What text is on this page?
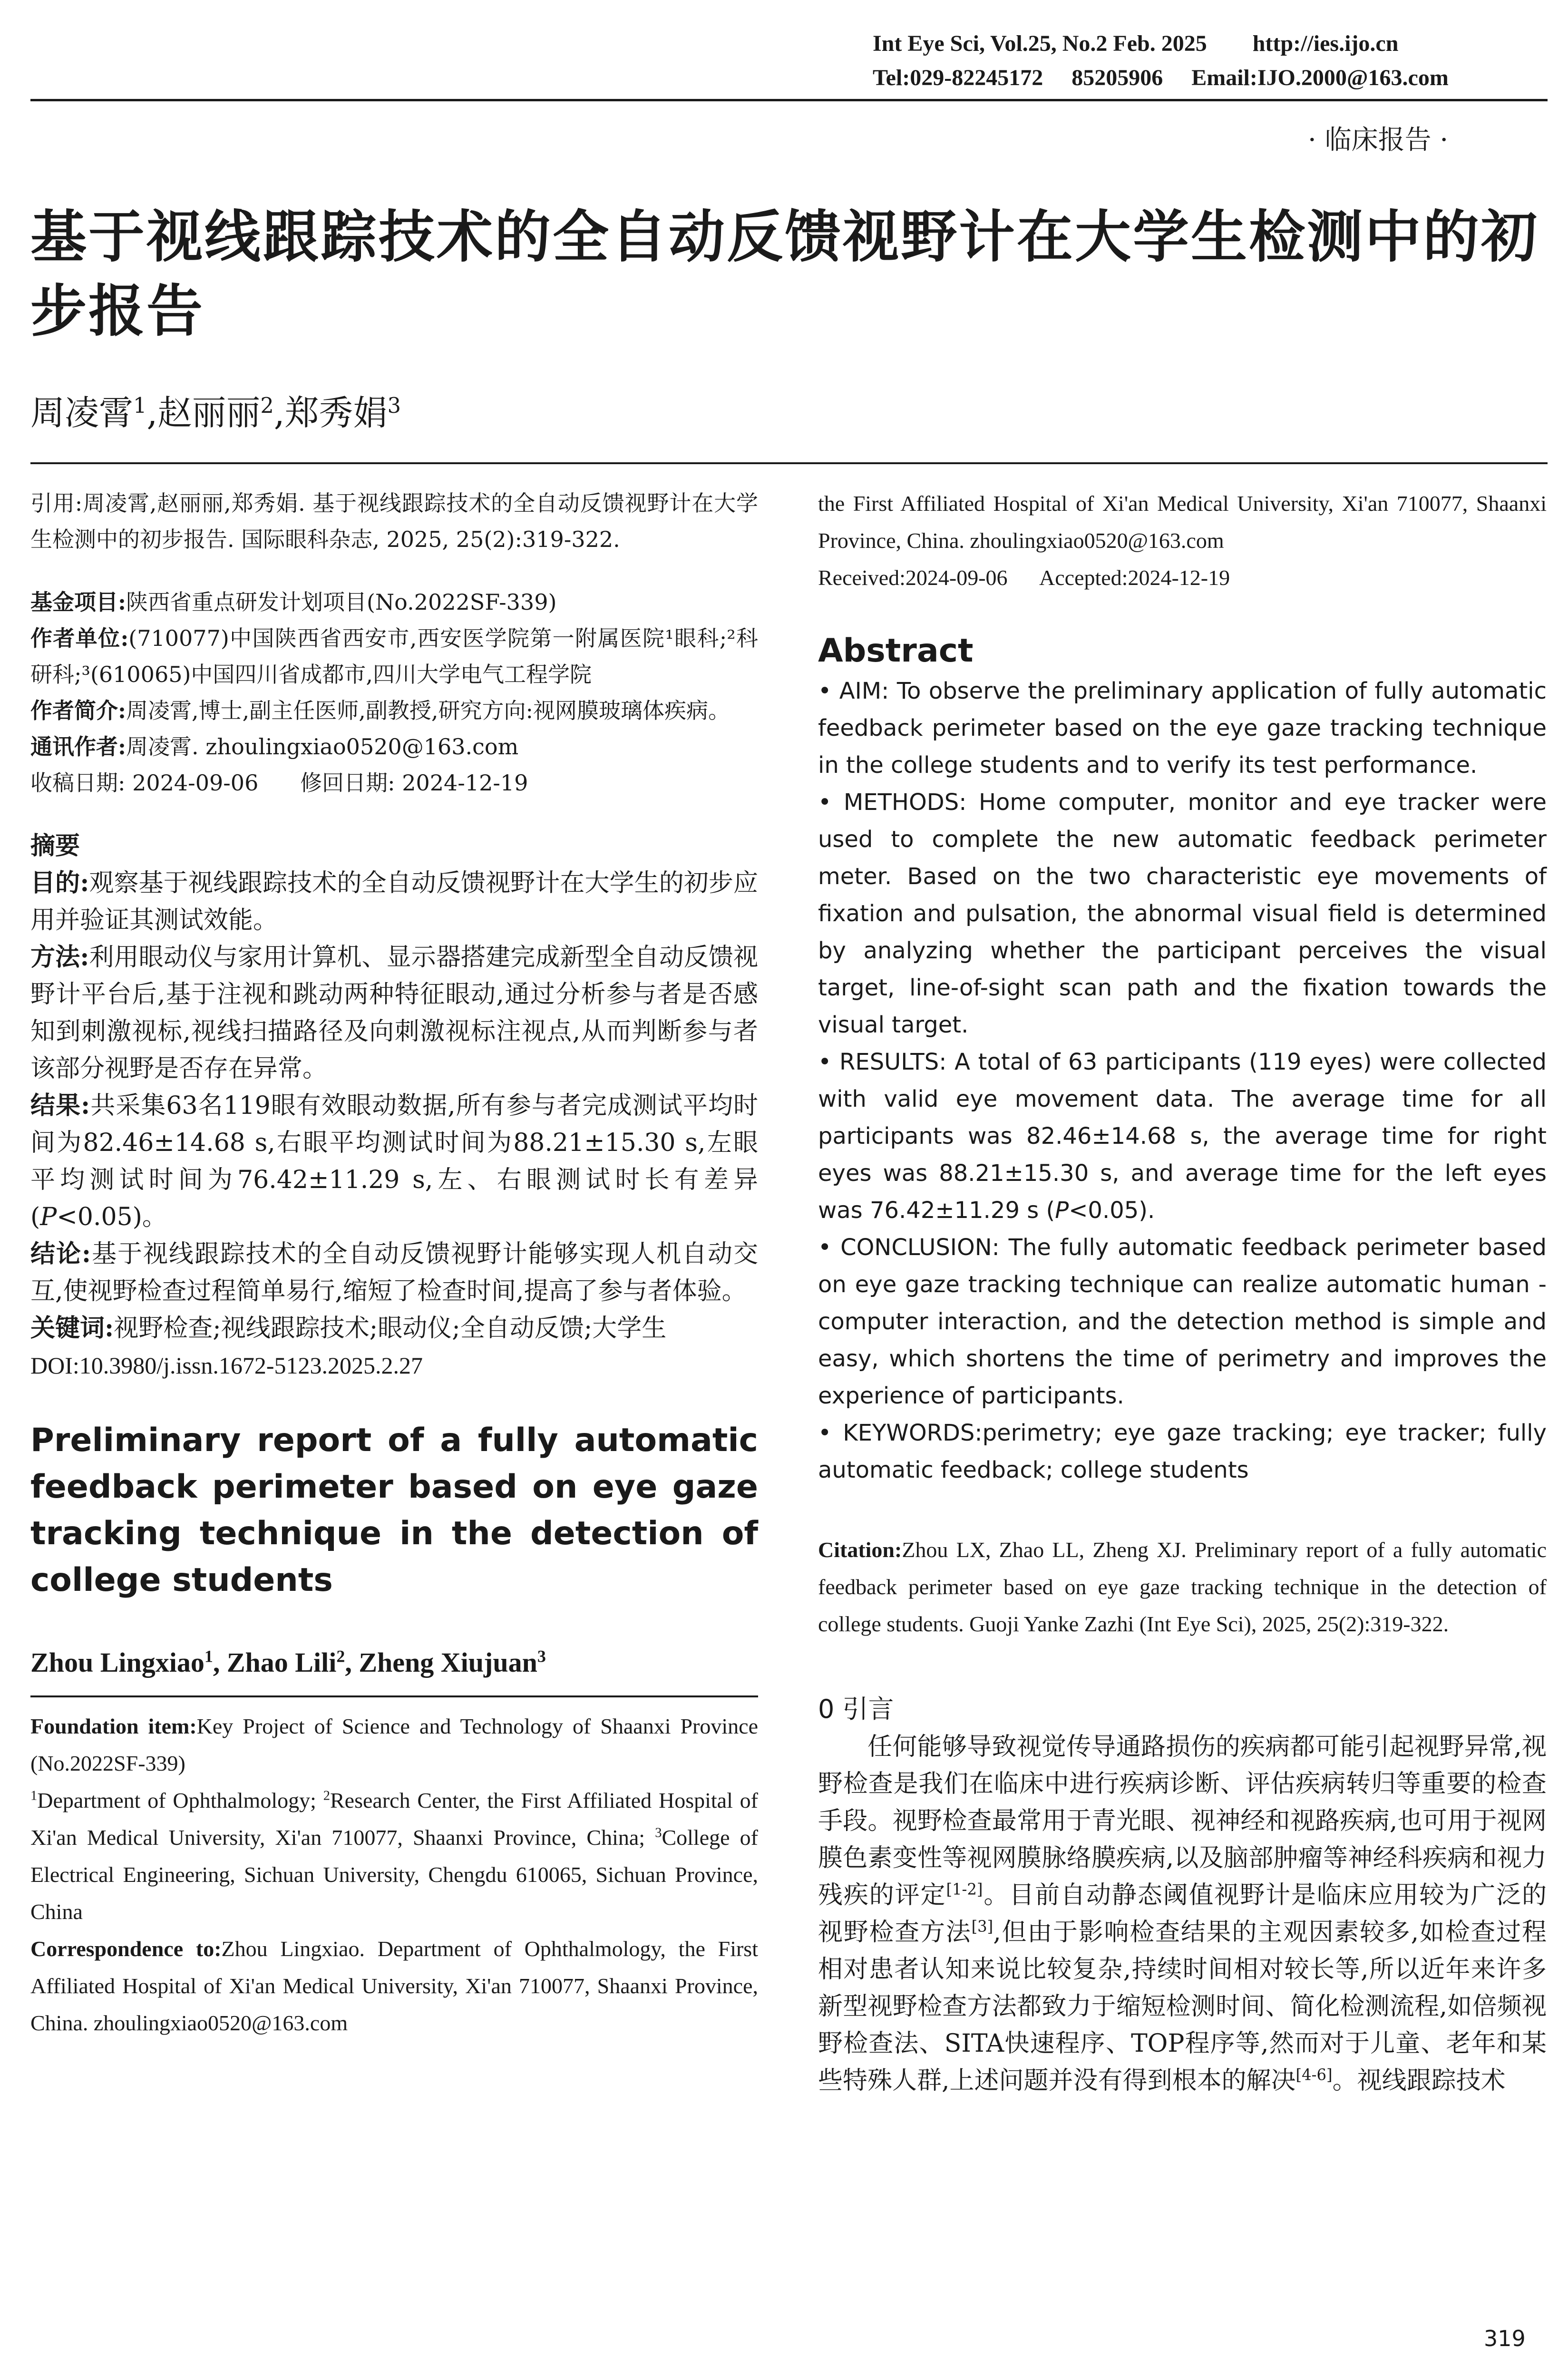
Int Eye Sci, Vol.25, No.2 Feb. 2025        http://ies.ijo.cn
Tel:029-82245172     85205906     Email:IJO.2000@163.com
· 临床报告 ·
基于视线跟踪技术的全自动反馈视野计在大学生检测中的初步报告
周凌霄$^1$,赵丽丽$^2$,郑秀娟$^3$

引用:周凌霄,赵丽丽,郑秀娟. 基于视线跟踪技术的全自动反馈视野计在大学生检测中的初步报告. 国际眼科杂志, 2025, 25(2):319-322.

基金项目:陕西省重点研发计划项目(No.2022SF-339)

作者单位:(710077)中国陕西省西安市,西安医学院第一附属医院¹眼科;²科研科;³(610065)中国四川省成都市,四川大学电气工程学院

作者简介:周凌霄,博士,副主任医师,副教授,研究方向:视网膜玻璃体疾病。

通讯作者:周凌霄. zhoulingxiao0520@163.com

收稿日期: 2024-09-06 修回日期: 2024-12-19

摘要

目的:观察基于视线跟踪技术的全自动反馈视野计在大学生的初步应用并验证其测试效能。

方法:利用眼动仪与家用计算机、显示器搭建完成新型全自动反馈视野计平台后,基于注视和跳动两种特征眼动,通过分析参与者是否感知到刺激视标,视线扫描路径及向刺激视标注视点,从而判断参与者该部分视野是否存在异常。

结果:共采集63名119眼有效眼动数据,所有参与者完成测试平均时间为82.46±14.68 s,右眼平均测试时间为88.21±15.30 s,左眼平均测试时间为76.42±11.29 s,左、右眼测试时长有差异(P<0.05)。

结论:基于视线跟踪技术的全自动反馈视野计能够实现人机自动交互,使视野检查过程简单易行,缩短了检查时间,提高了参与者体验。

关键词:视野检查;视线跟踪技术;眼动仪;全自动反馈;大学生

DOI:10.3980/j.issn.1672-5123.2025.2.27

Preliminary report of a fully automatic feedback perimeter based on eye gaze tracking technique in the detection of college students

Zhou Lingxiao$^1$, Zhao Lili$^2$, Zheng Xiujuan$^3$

Foundation item:Key Project of Science and Technology of Shaanxi Province (No.2022SF-339)

$^1$Department of Ophthalmology; $^2$Research Center, the First Affiliated Hospital of Xi'an Medical University, Xi'an 710077, Shaanxi Province, China; $^3$College of Electrical Engineering, Sichuan University, Chengdu 610065, Sichuan Province, China

Correspondence to:Zhou Lingxiao. Department of Ophthalmology, the First Affiliated Hospital of Xi'an Medical University, Xi'an 710077, Shaanxi Province, China. zhoulingxiao0520@163.com

the First Affiliated Hospital of Xi'an Medical University, Xi'an 710077, Shaanxi Province, China. zhoulingxiao0520@163.com

Received:2024-09-06 Accepted:2024-12-19

Abstract

• AIM: To observe the preliminary application of fully automatic feedback perimeter based on the eye gaze tracking technique in the college students and to verify its test performance.

• METHODS: Home computer, monitor and eye tracker were used to complete the new automatic feedback perimeter meter. Based on the two characteristic eye movements of fixation and pulsation, the abnormal visual field is determined by analyzing whether the participant perceives the visual target, line-of-sight scan path and the fixation towards the visual target.

• RESULTS: A total of 63 participants (119 eyes) were collected with valid eye movement data. The average time for all participants was 82.46±14.68 s, the average time for right eyes was 88.21±15.30 s, and average time for the left eyes was 76.42±11.29 s (P<0.05).

• CONCLUSION: The fully automatic feedback perimeter based on eye gaze tracking technique can realize automatic human - computer interaction, and the detection method is simple and easy, which shortens the time of perimetry and improves the experience of participants.

• KEYWORDS:perimetry; eye gaze tracking; eye tracker; fully automatic feedback; college students

Citation:Zhou LX, Zhao LL, Zheng XJ. Preliminary report of a fully automatic feedback perimeter based on eye gaze tracking technique in the detection of college students. Guoji Yanke Zazhi (Int Eye Sci), 2025, 25(2):319-322.

0 引言

任何能够导致视觉传导通路损伤的疾病都可能引起视野异常,视野检查是我们在临床中进行疾病诊断、评估疾病转归等重要的检查手段。视野检查最常用于青光眼、视神经和视路疾病,也可用于视网膜色素变性等视网膜脉络膜疾病,以及脑部肿瘤等神经科疾病和视力残疾的评定[1-2]。目前自动静态阈值视野计是临床应用较为广泛的视野检查方法[3],但由于影响检查结果的主观因素较多,如检查过程相对患者认知来说比较复杂,持续时间相对较长等,所以近年来许多新型视野检查方法都致力于缩短检测时间、简化检测流程,如倍频视野检查法、SITA快速程序、TOP程序等,然而对于儿童、老年和某些特殊人群,上述问题并没有得到根本的解决[4-6]。视线跟踪技术

319
